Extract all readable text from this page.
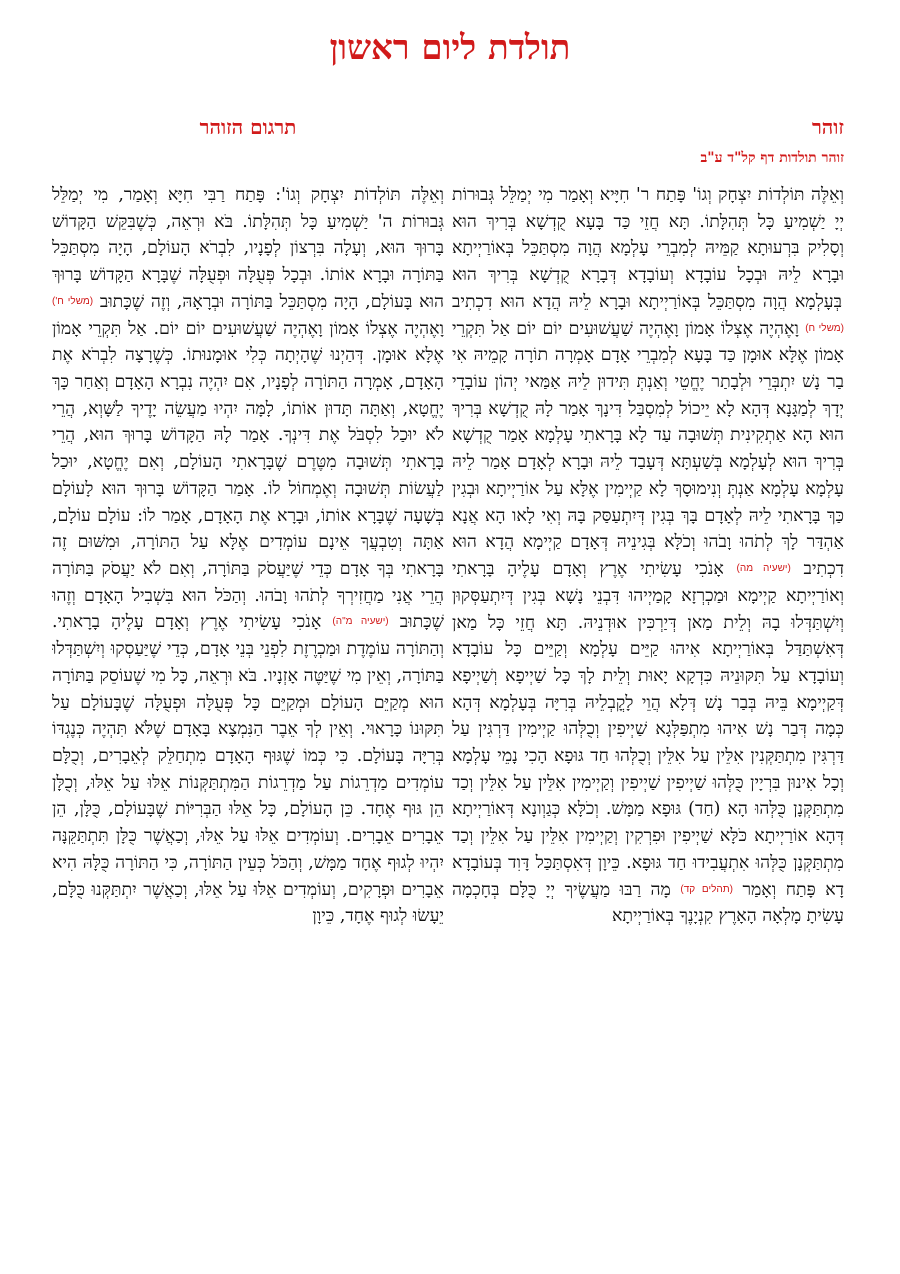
תולדת ליום ראשון
זוהר
זוהר תולדות דף קל"ד ע"ב

וְאֵלֶּה תּוֹלְדוֹת יִצְחָק וְגוֹ' פָּתַח ר' חִיָּיא וְאָמַר מִי יְמַלֵּל גְּבוּרוֹת יְיָ יַשְׁמִיעַ כָּל תְּהִלָּתוֹ. תָּא חֲזֵי כַּד בָּעָא קֻדְשָׁא בְּרִיךְ הוּא וְסָלִיק בִּרְעוּתָא קַמֵּיהּ לְמִבְרֵי עָלְמָא הֲוָה מִסְתַּכֵּל בְּאוֹרַיְיתָא וּבָרָא לֵיהּ וּבְכָל עוֹבָדָא וְעוֹבָדָא דְּבָרָא קֻדְשָׁא בְּרִיךְ הוּא בְּעָלְמָא הֲוָה מִסְתַּכֵּל בְּאוֹרַיְיתָא וּבָרָא לֵיהּ הֲדָא הוּא דִכְתִיב (משלי ח) וָאֶהְיֶה אֶצְלוֹ אָמוֹן וָאֶהְיֶה שַׁעֲשׁוּעִים יוֹם יוֹם אַל תִּקְרֵי אָמוֹן אֶלָּא אוּמָן כַּד בָּעָא לְמִבְרֵי אָדָם אָמְרָה תוֹרָה קָמֵיהּ אִי בַר נָשׁ יִתְבְּרֵי וּלְבָתַר יֶחֱטֵי וְאַנְתְּ תִּידוּן לֵיהּ אַמַּאי יְהוֹן עוֹבָדֵי יְדָךְ לְמַגָּנָא דְּהָא לָא יֵיכוֹל לְמִסְבַּל דִּינָךְ אָמַר לָהּ קֻדְשָׁא בְּרִיךְ הוּא הָא אַתְקִינִית תְּשׁוּבָה עַד לָא בָּרָאתִי עָלְמָא אָמַר קֻדְשָׁא בְּרִיךְ הוּא לְעָלְמָא בְּשַׁעְתָּא דְּעָבַד לֵיהּ וּבָרָא לְאָדָם אָמַר לֵיהּ עָלְמָא עָלְמָא אַנְתְּ וְנִימוּסָךְ לָא קַיְימִין אֶלָּא עַל אוֹרַיְיתָא וּבְגִין כַּךְ בָּרָאתִי לֵיהּ לְאָדָם בָּךְ בְּגִין דְּיִתְעַסַּק בָּהּ וְאִי לָאו הָא אֲנָא אַהְדַּר לָךְ לְתֹהוּ וָבֹהוּ וְכֹלָּא בְּגִינֵיהּ דְּאָדָם קַיְימָא הֲדָא הוּא דִכְתִיב (ישעיה מה) אָנֹכִי עָשִׂיתִי אֶרֶץ וְאָדָם עָלֶיהָ בָּרָאתִי וְאוֹרַיְיתָא קַיְימָא וּמַכְרְזָא קָמַיְיהוּ דִּבְנֵי נָשָׁא בְּגִין דְּיִתְעַסְּקוּן וְיִשְׁתַּדְּלוּ בָהּ וְלֵית מַאן דְּיַרְכִּין אוּדְנֵיהּ. תָּא חֲזֵי כָּל מַאן דְּאִשְׁתַּדַּל בְּאוֹרַיְיתָא אִיהוּ קַיֵּים עָלְמָא וְקַיֵּים כָּל עוֹבָדָא וְעוֹבָדָא עַל תִּקּוּנֵיהּ כִּדְקָא יָאוּת וְלֵית לָךְ כָּל שַׁיְיפָא וְשַׁיְיפָא דְּקַיְימָא בֵּיהּ בְּבַר נָשׁ דְּלָא הֲוֵי לָקֳבְלֵיהּ בְּרִיָּה בְּעָלְמָא דְּהָא כְּמָה דְּבַר נָשׁ אִיהוּ מִתְפַּלְּגָא שַׁיְיפִין וְכֻלְּהוּ קַיְימִין דַּרְגִּין עַל דַּרְגִּין מִתְתַּקְּנִין אִלֵּין עַל אִלֵּין וְכֻלְּהוּ חַד גּוּפָא הָכִי נָמֵי עָלְמָא וְכָל אִינוּן בִּרְיָין כֻּלְּהוּ שַׁיְיפִין שַׁיְיפִין וְקַיְימִין אִלֵּין עַל אִלֵּין וְכַד מִתְתַּקְּנָן כֻּלְּהוּ הָא (חַד) גּוּפָא מַמָּשׁ. וְכֹלָּא כְּגַוְונָא דְּאוֹרַיְיתָא דְּהָא אוֹרַיְיתָא כֹּלָּא שַׁיְיפִין וּפִרְקִין וְקַיְימִין אִלֵּין עַל אִלֵּין וְכַד מִתְתַּקְּנָן כֻּלְּהוּ אִתְעֲבִידוּ חַד גּוּפָא. כֵּיוָן דְּאִסְתַּכַּל דָּוִד בְּעוֹבָדָא דָא פָּתַח וְאָמַר (תהלים קד) מָה רַבּוּ מַעֲשֶׂיךָ יְיָ כֻּלָּם בְּחָכְמָה עָשִׂיתָ מָלְאָה הָאָרֶץ קִנְיָנֶךָ בְּאוֹרַיְיתָא

תרגום הזוהר

וְאֵלֶּה תּוֹלְדוֹת יִצְחָק וְגוֹ': פָּתַח רַבִּי חִיָּא וְאָמַר, מִי יְמַלֵּל גְּבוּרוֹת ה' יַשְׁמִיעַ כָּל תְּהִלָּתוֹ. בֹּא וּרְאֵה, כְּשֶׁבִּקֵּשׁ הַקָּדוֹשׁ בָּרוּךְ הוּא, וְעָלָה בִּרְצוֹן לְפָנָיו, לִבְרֹא הָעוֹלָם, הָיָה מִסְתַּכֵּל בַּתּוֹרָה וּבָרָא אוֹתוֹ. וּבְכָל פְּעֻלָּה וּפְעֻלָּה שֶׁבָּרָא הַקָּדוֹשׁ בָּרוּךְ הוּא בָּעוֹלָם, הָיָה מִסְתַּכֵּל בַּתּוֹרָה וּבְרָאָהּ, וְזֶה שֶׁכָּתוּב (משלי ח') וָאֶהְיֶה אֶצְלוֹ אָמוֹן וָאֶהְיֶה שַׁעֲשׁוּעִים יוֹם יוֹם. אַל תִּקְרֵי אָמוֹן אֶלָּא אוּמָן. דְּהַיְנוּ שֶׁהָיְתָה כְּלִי אוּמָנוּתוֹ. כְּשֶׁרָצָה לִבְרֹא אֶת הָאָדָם, אָמְרָה הַתּוֹרָה לְפָנָיו, אִם יִהְיֶה נִבְרָא הָאָדָם וְאַחַר כָּךְ יֶחֱטָא, וְאַתָּה תָּדוּן אוֹתוֹ, לָמָּה יִהְיוּ מַעֲשֵׂה יָדֶיךָ לַשָּׁוְא, הֲרֵי לֹא יוּכַל לִסְבֹּל אֶת דִּינְךָ. אָמַר לָהּ הַקָּדוֹשׁ בָּרוּךְ הוּא, הֲרֵי בָּרָאתִי תְּשׁוּבָה מִטֶּרֶם שֶׁבָּרָאתִי הָעוֹלָם, וְאִם יֶחֱטָא, יוּכַל לַעֲשׂוֹת תְּשׁוּבָה וְאֶמְחוֹל לוֹ. אָמַר הַקָּדוֹשׁ בָּרוּךְ הוּא לָעוֹלָם בְּשָׁעָה שֶׁבָּרָא אוֹתוֹ, וּבָרָא אֶת הָאָדָם, אָמַר לוֹ: עוֹלָם עוֹלָם, אַתָּה וְטִבְעֲךָ אֵינָם עוֹמְדִים אֶלָּא עַל הַתּוֹרָה, וּמִשּׁוּם זֶה בָּרָאתִי בְּךָ אָדָם כְּדֵי שֶׁיַּעֲסֹק בַּתּוֹרָה, וְאִם לֹא יַעֲסֹק בַּתּוֹרָה הֲרֵי אֲנִי מַחֲזִירְךָ לְתֹהוּ וָבֹהוּ. וְהַכֹּל הוּא בִּשְׁבִיל הָאָדָם וְזֶהוּ שֶׁכָּתוּב (ישעיה מ"ה) אָנֹכִי עָשִׂיתִי אֶרֶץ וְאָדָם עָלֶיהָ בָרָאתִי. וְהַתּוֹרָה עוֹמֶדֶת וּמַכְרֶזֶת לִפְנֵי בְּנֵי אָדָם, כְּדֵי שֶׁיַּעַסְקוּ וְיִשְׁתַּדְּלוּ בַּתּוֹרָה, וְאֵין מִי שֶׁיַּטֶּה אָזְנָיו. בֹּא וּרְאֵה, כָּל מִי שֶׁעוֹסֵק בַּתּוֹרָה הוּא מְקַיֵּם הָעוֹלָם וּמְקַיֵּם כָּל פְּעֻלָּה וּפְעֻלָּה שֶׁבָּעוֹלָם עַל תִּקּוּנוֹ כָּרָאוּי. וְאֵין לְךָ אֵבֶר הַנִּמְצָא בָּאָדָם שֶׁלֹּא תִּהְיֶה כְּנֶגְדּוֹ בְּרִיָּה בָּעוֹלָם. כִּי כְּמוֹ שֶׁגּוּף הָאָדָם מִתְחַלֵּק לְאֵבָרִים, וְכֻלָּם עוֹמְדִים מַדְרֵגוֹת עַל מַדְרֵגוֹת הַמִּתְתַּקְּנוֹת אֵלּוּ עַל אֵלּוּ, וְכֻלָּן הֵן גּוּף אֶחָד. כֵּן הָעוֹלָם, כָּל אֵלּוּ הַבְּרִיּוֹת שֶׁבָּעוֹלָם, כֻּלָּן, הֵן אֵבָרִים אֵבָרִים. וְעוֹמְדִים אֵלּוּ עַל אֵלּוּ, וְכַאֲשֶׁר כֻּלָּן תִּתְתַּקֵּנָּה יִהְיוּ לְגוּף אֶחָד מַמָּשׁ, וְהַכֹּל כְּעֵין הַתּוֹרָה, כִּי הַתּוֹרָה כֻּלָּהּ הִיא אֵבָרִים וּפְרָקִים, וְעוֹמְדִים אֵלּוּ עַל אֵלּוּ, וְכַאֲשֶׁר יִתְתַּקְּנוּ כֻּלָּם, יֵעָשׂוּ לְגוּף אֶחָד, כֵּיוָן
